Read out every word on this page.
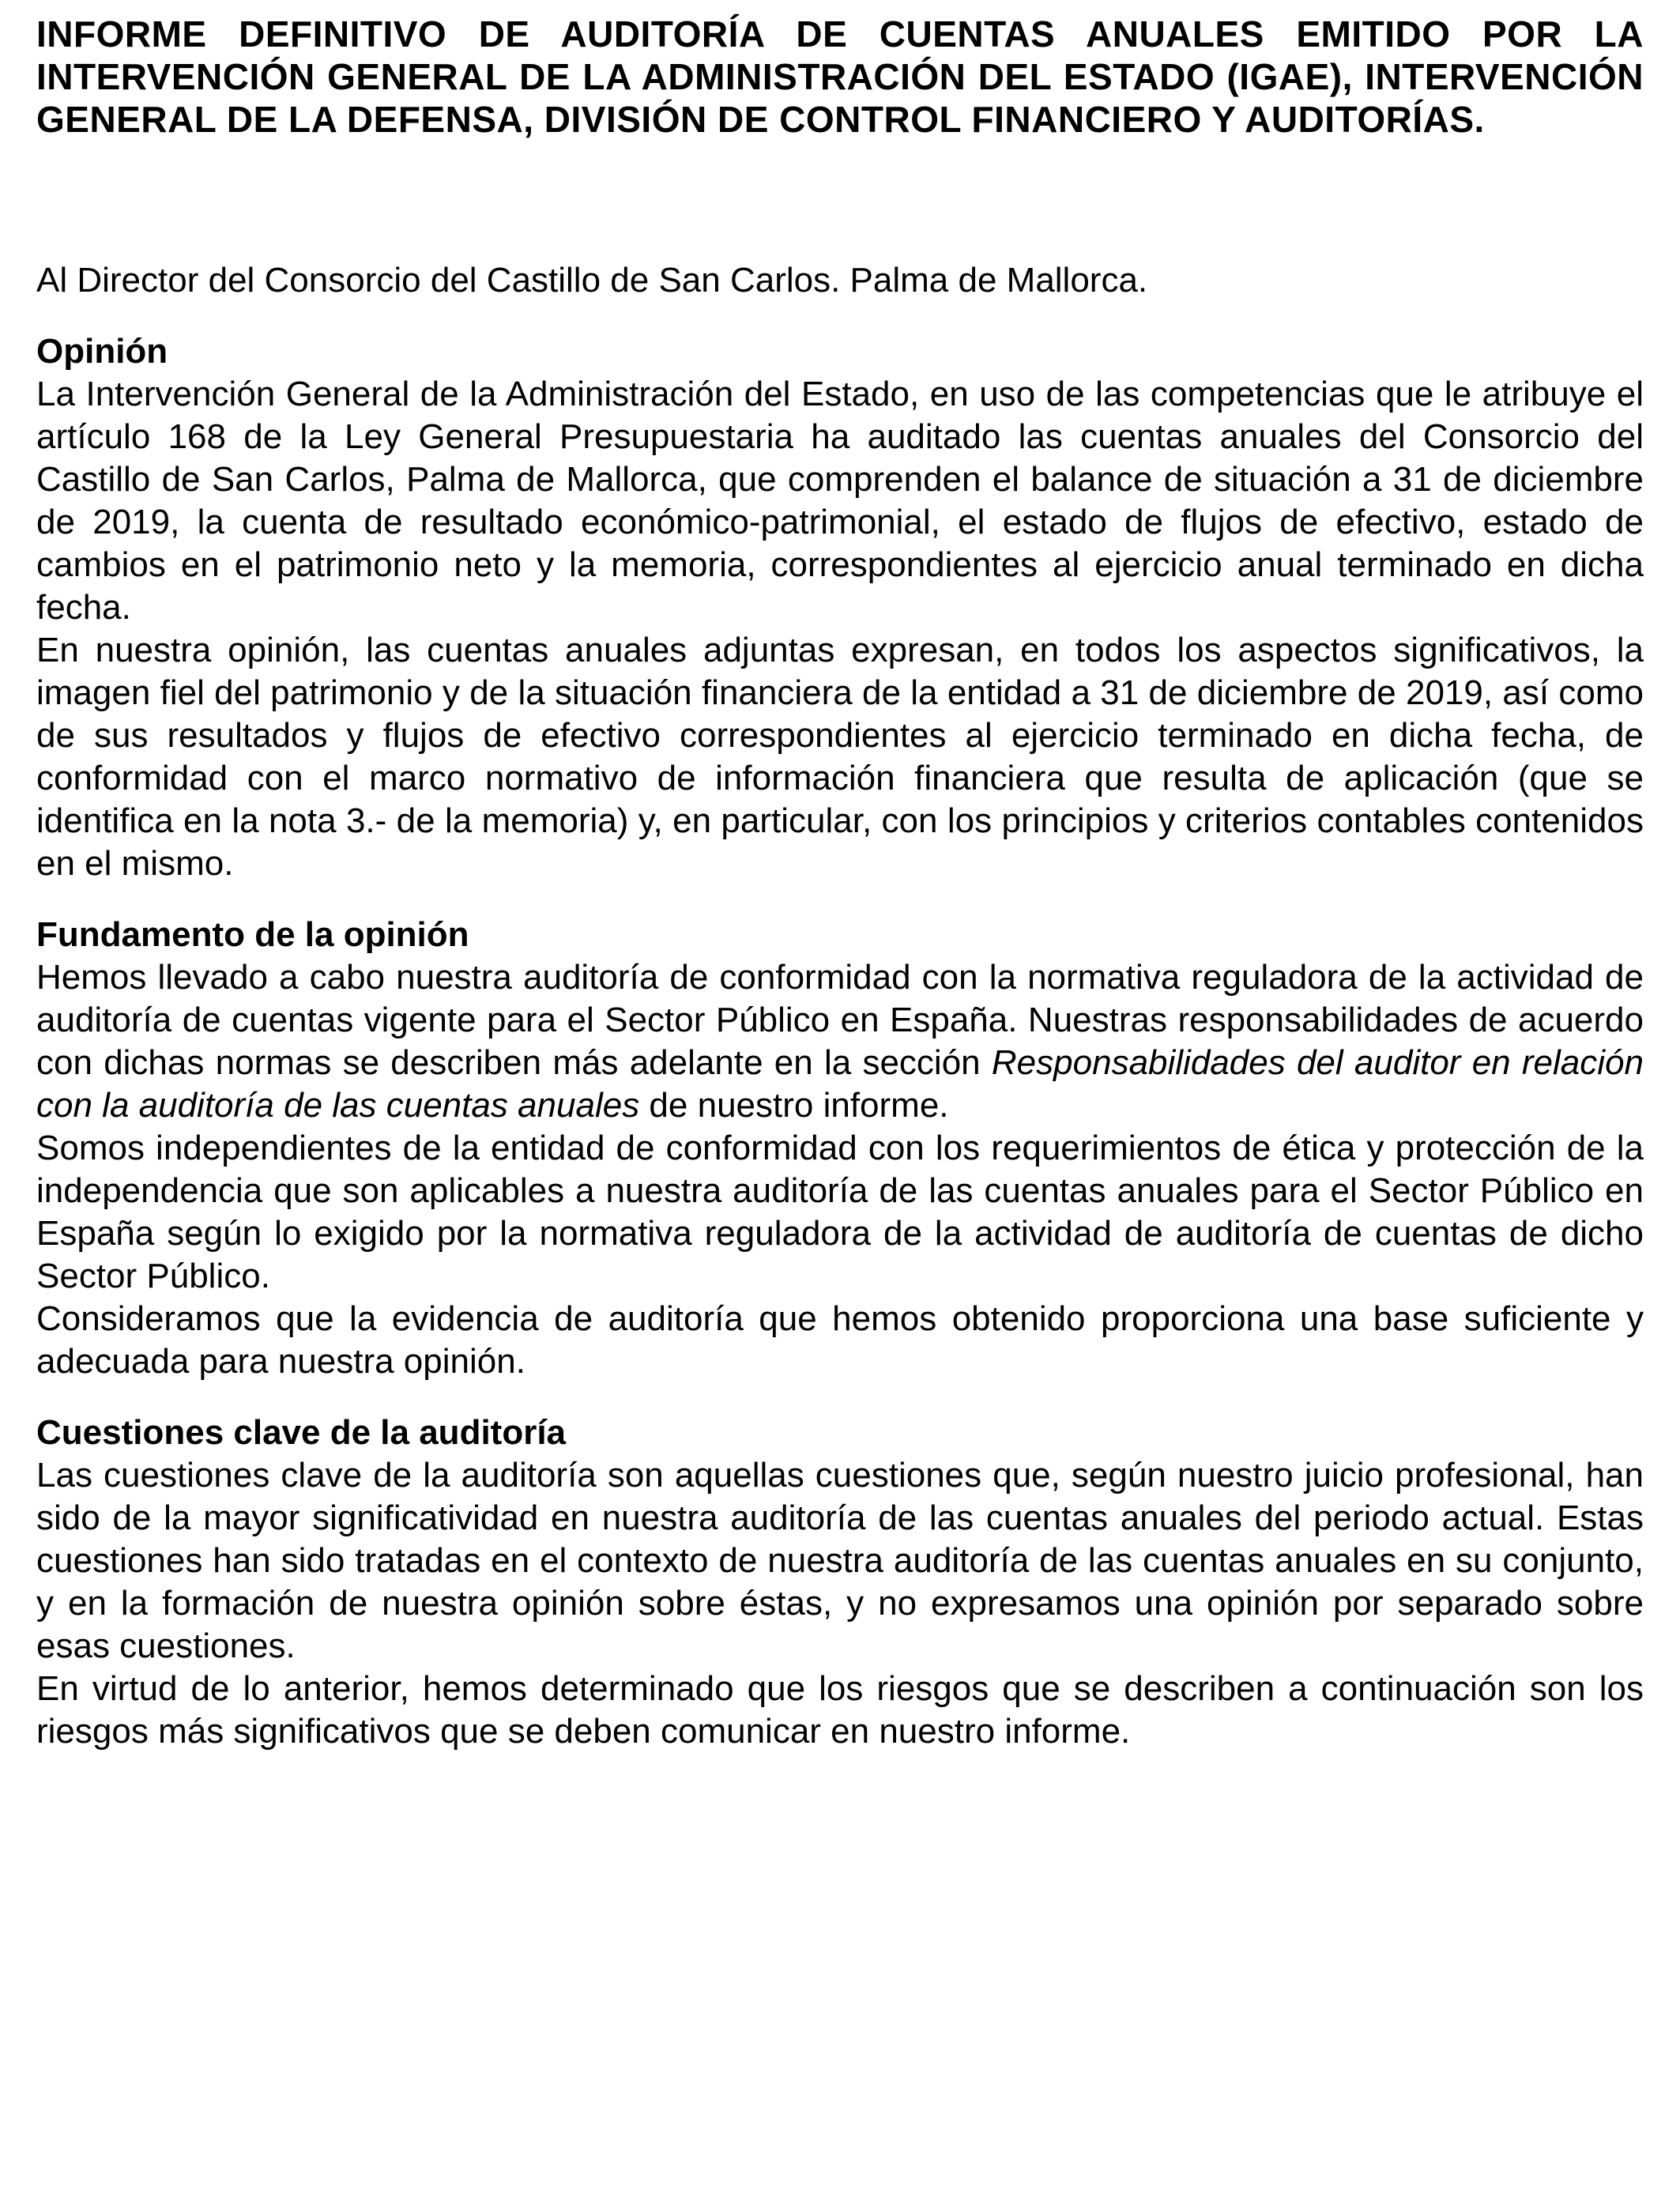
INFORME DEFINITIVO DE AUDITORÍA DE CUENTAS ANUALES EMITIDO POR LA INTERVENCIÓN GENERAL DE LA ADMINISTRACIÓN DEL ESTADO (IGAE), INTERVENCIÓN GENERAL DE LA DEFENSA, DIVISIÓN DE CONTROL FINANCIERO Y AUDITORÍAS.

Al Director del Consorcio del Castillo de San Carlos. Palma de Mallorca.

Opinión

La Intervención General de la Administración del Estado, en uso de las competencias que le atribuye el artículo 168 de la Ley General Presupuestaria ha auditado las cuentas anuales del Consorcio del Castillo de San Carlos, Palma de Mallorca, que comprenden el balance de situación a 31 de diciembre de 2019, la cuenta de resultado económico-patrimonial, el estado de flujos de efectivo, estado de cambios en el patrimonio neto y la memoria, correspondientes al ejercicio anual terminado en dicha fecha.

En nuestra opinión, las cuentas anuales adjuntas expresan, en todos los aspectos significativos, la imagen fiel del patrimonio y de la situación financiera de la entidad a 31 de diciembre de 2019, así como de sus resultados y flujos de efectivo correspondientes al ejercicio terminado en dicha fecha, de conformidad con el marco normativo de información financiera que resulta de aplicación (que se identifica en la nota 3.- de la memoria) y, en particular, con los principios y criterios contables contenidos en el mismo.

Fundamento de la opinión

Hemos llevado a cabo nuestra auditoría de conformidad con la normativa reguladora de la actividad de auditoría de cuentas vigente para el Sector Público en España. Nuestras responsabilidades de acuerdo con dichas normas se describen más adelante en la sección Responsabilidades del auditor en relación con la auditoría de las cuentas anuales de nuestro informe.

Somos independientes de la entidad de conformidad con los requerimientos de ética y protección de la independencia que son aplicables a nuestra auditoría de las cuentas anuales para el Sector Público en España según lo exigido por la normativa reguladora de la actividad de auditoría de cuentas de dicho Sector Público.

Consideramos que la evidencia de auditoría que hemos obtenido proporciona una base suficiente y adecuada para nuestra opinión.

Cuestiones clave de la auditoría

Las cuestiones clave de la auditoría son aquellas cuestiones que, según nuestro juicio profesional, han sido de la mayor significatividad en nuestra auditoría de las cuentas anuales del periodo actual. Estas cuestiones han sido tratadas en el contexto de nuestra auditoría de las cuentas anuales en su conjunto, y en la formación de nuestra opinión sobre éstas, y no expresamos una opinión por separado sobre esas cuestiones.

En virtud de lo anterior, hemos determinado que los riesgos que se describen a continuación son los riesgos más significativos que se deben comunicar en nuestro informe.
